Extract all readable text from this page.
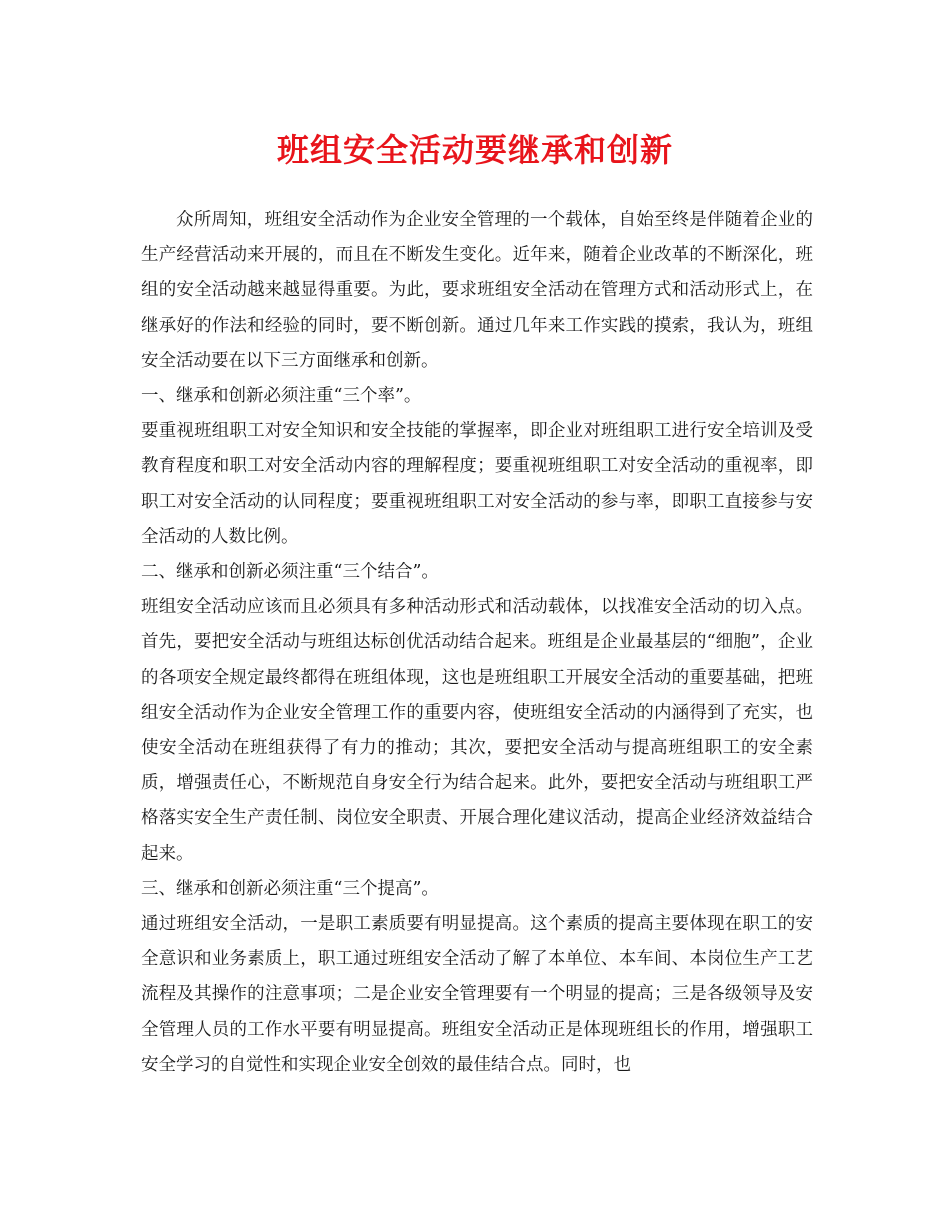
班组安全活动要继承和创新

众所周知，班组安全活动作为企业安全管理的一个载体，自始至终是伴随着企业的生产经营活动来开展的，而且在不断发生变化。近年来，随着企业改革的不断深化，班组的安全活动越来越显得重要。为此，要求班组安全活动在管理方式和活动形式上，在继承好的作法和经验的同时，要不断创新。通过几年来工作实践的摸索，我认为，班组安全活动要在以下三方面继承和创新。

一、继承和创新必须注重“三个率”。

要重视班组职工对安全知识和安全技能的掌握率，即企业对班组职工进行安全培训及受教育程度和职工对安全活动内容的理解程度；要重视班组职工对安全活动的重视率，即职工对安全活动的认同程度；要重视班组职工对安全活动的参与率，即职工直接参与安全活动的人数比例。

二、继承和创新必须注重“三个结合”。

班组安全活动应该而且必须具有多种活动形式和活动载体，以找准安全活动的切入点。首先，要把安全活动与班组达标创优活动结合起来。班组是企业最基层的“细胞”，企业的各项安全规定最终都得在班组体现，这也是班组职工开展安全活动的重要基础，把班组安全活动作为企业安全管理工作的重要内容，使班组安全活动的内涵得到了充实，也使安全活动在班组获得了有力的推动；其次，要把安全活动与提高班组职工的安全素质，增强责任心，不断规范自身安全行为结合起来。此外，要把安全活动与班组职工严格落实安全生产责任制、岗位安全职责、开展合理化建议活动，提高企业经济效益结合起来。

三、继承和创新必须注重“三个提高”。

通过班组安全活动，一是职工素质要有明显提高。这个素质的提高主要体现在职工的安全意识和业务素质上，职工通过班组安全活动了解了本单位、本车间、本岗位生产工艺流程及其操作的注意事项；二是企业安全管理要有一个明显的提高；三是各级领导及安全管理人员的工作水平要有明显提高。班组安全活动正是体现班组长的作用，增强职工安全学习的自觉性和实现企业安全创效的最佳结合点。同时，也
